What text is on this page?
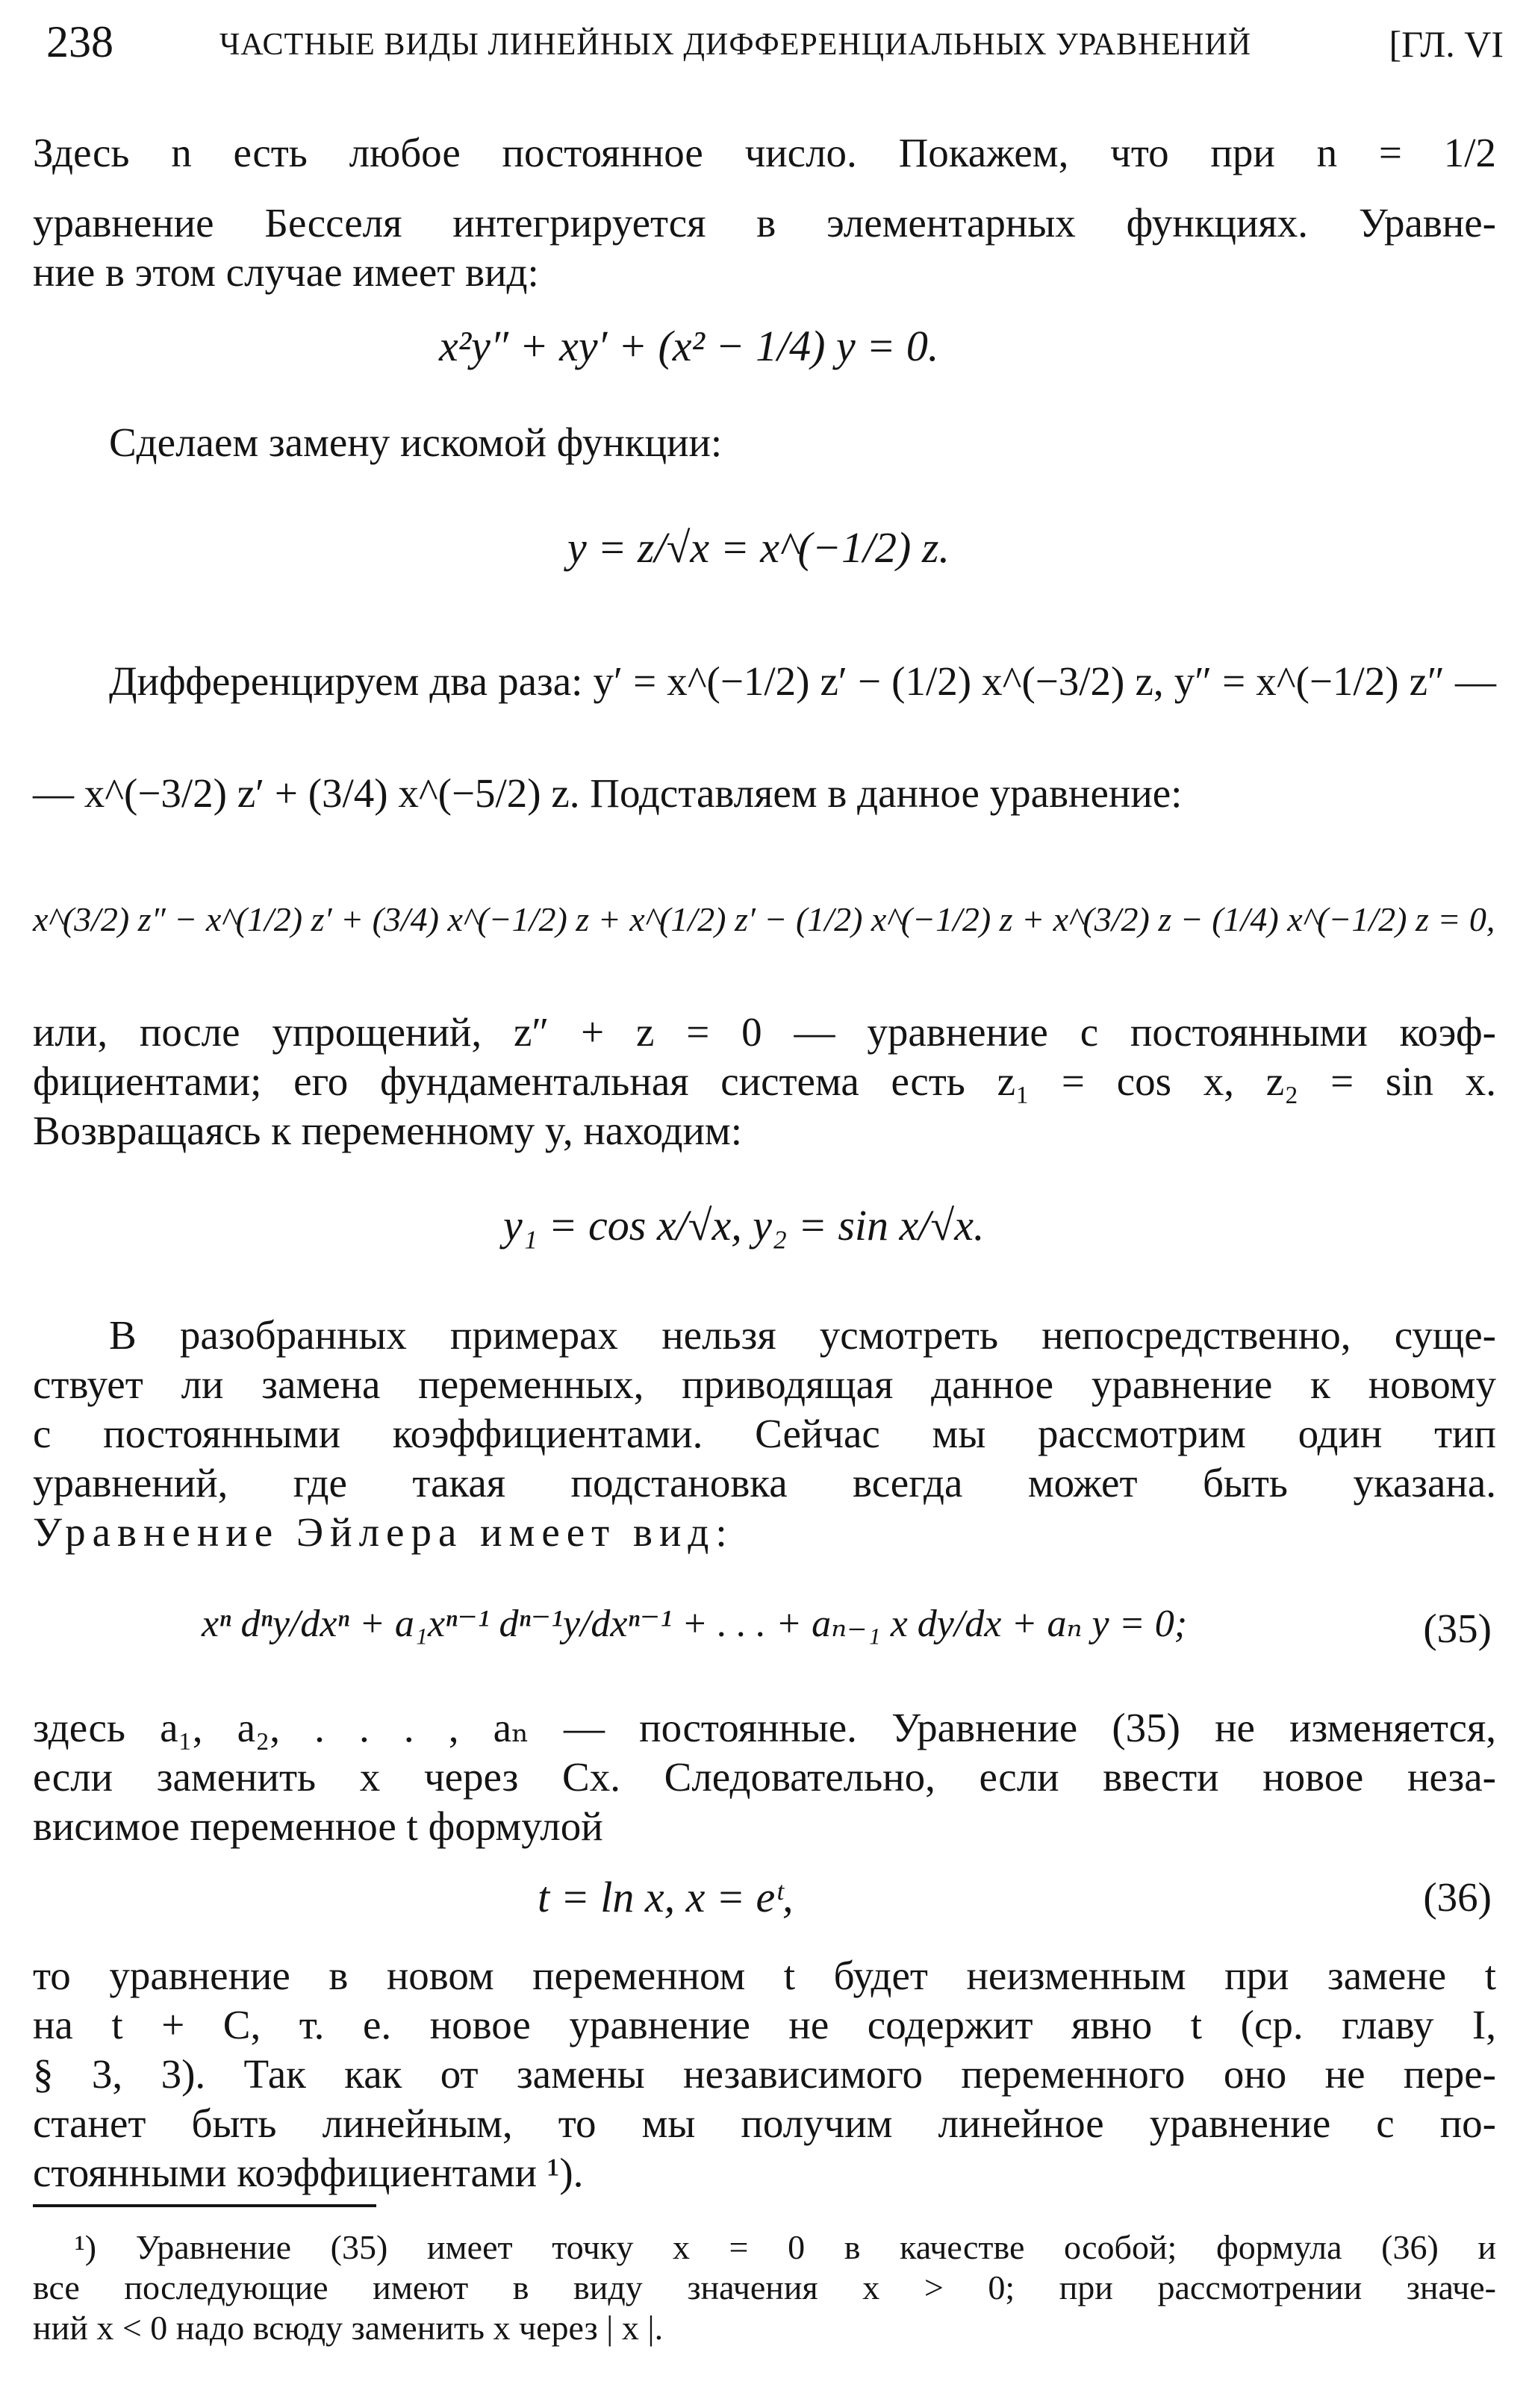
238	ЧАСТНЫЕ ВИДЫ ЛИНЕЙНЫХ ДИФФЕРЕНЦИАЛЬНЫХ УРАВНЕНИЙ	[ГЛ. VI
Здесь n есть любое постоянное число. Покажем, что при n = 1/2
уравнение Бесселя интегрируется в элементарных функциях. Уравне-
ние в этом случае имеет вид:
x²y″ + xy′ + (x² − 1/4) y = 0.
Сделаем замену искомой функции:
y = z/√x = x^(−1/2) z.
Дифференцируем два раза: y′ = x^(−1/2) z′ − (1/2) x^(−3/2) z, y″ = x^(−1/2) z″ —
— x^(−3/2) z′ + (3/4) x^(−5/2) z. Подставляем в данное уравнение:
x^(3/2) z″ − x^(1/2) z′ + (3/4) x^(−1/2) z + x^(1/2) z′ − (1/2) x^(−1/2) z + x^(3/2) z − (1/4) x^(−1/2) z = 0,
или, после упрощений, z″ + z = 0 — уравнение с постоянными коэф-
фициентами; его фундаментальная система есть z₁ = cos x, z₂ = sin x.
Возвращаясь к переменному y, находим:
y₁ = cos x/√x, y₂ = sin x/√x.
В разобранных примерах нельзя усмотреть непосредственно, суще-
ствует ли замена переменных, приводящая данное уравнение к новому
с постоянными коэффициентами. Сейчас мы рассмотрим один тип
уравнений, где такая подстановка всегда может быть указана.
Уравнение Эйлера имеет вид:
xⁿ dⁿy/dxⁿ + a₁xⁿ⁻¹ dⁿ⁻¹y/dxⁿ⁻¹ + . . . + aₙ₋₁ x dy/dx + aₙ y = 0;	(35)
здесь a₁, a₂, . . . , aₙ — постоянные. Уравнение (35) не изменяется,
если заменить x через Cx. Следовательно, если ввести новое неза-
висимое переменное t формулой
t = ln x, x = eᵗ,	(36)
то уравнение в новом переменном t будет неизменным при замене t
на t + C, т. е. новое уравнение не содержит явно t (ср. главу I,
§ 3, 3). Так как от замены независимого переменного оно не пере-
станет быть линейным, то мы получим линейное уравнение с по-
стоянными коэффициентами ¹).
¹) Уравнение (35) имеет точку x = 0 в качестве особой; формула (36) и
все последующие имеют в виду значения x > 0; при рассмотрении значе-
ний x < 0 надо всюду заменить x через | x |.
